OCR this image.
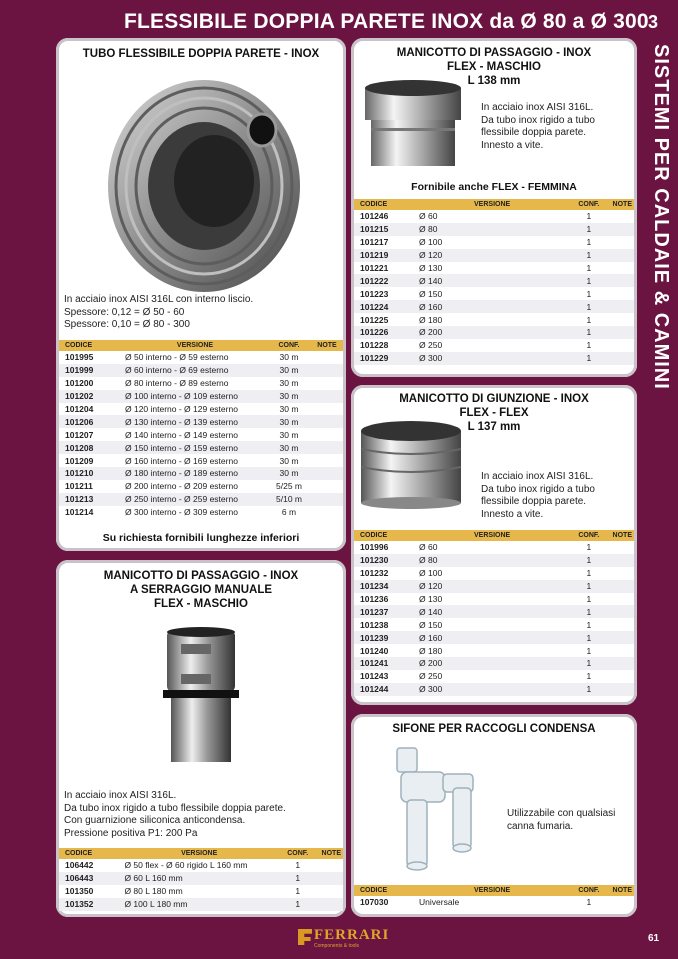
FLESSIBILE DOPPIA PARETE INOX da Ø 80 a Ø 300 3
SISTEMI PER CALDAIE & CAMINI
TUBO FLESSIBILE DOPPIA PARETE - INOX
In acciaio inox AISI 316L con interno liscio.
Spessore: 0,12 = Ø 50 - 60
Spessore: 0,10 = Ø 80 - 300
CODICE	VERSIONE	CONF.	NOTE
101995	Ø 50 interno - Ø 59 esterno	30 m	
101999	Ø 60 interno - Ø 69 esterno	30 m	
101200	Ø 80 interno - Ø 89 esterno	30 m	
101202	Ø 100 interno - Ø 109 esterno	30 m	
101204	Ø 120 interno - Ø 129 esterno	30 m	
101206	Ø 130 interno - Ø 139 esterno	30 m	
101207	Ø 140 interno - Ø 149 esterno	30 m	
101208	Ø 150 interno - Ø 159 esterno	30 m	
101209	Ø 160 interno - Ø 169 esterno	30 m	
101210	Ø 180 interno - Ø 189 esterno	30 m	
101211	Ø 200 interno - Ø 209 esterno	5/25 m	
101213	Ø 250 interno - Ø 259 esterno	5/10 m	
101214	Ø 300 interno - Ø 309 esterno	6 m	
Su richiesta fornibili lunghezze inferiori
MANICOTTO DI PASSAGGIO - INOX
A SERRAGGIO MANUALE
FLEX - MASCHIO
In acciaio inox AISI 316L.
Da tubo inox rigido a tubo flessibile doppia parete.
Con guarnizione siliconica anticondensa.
Pressione positiva P1: 200 Pa
CODICE	VERSIONE	CONF.	NOTE
106442	Ø 50 flex - Ø 60 rigido L 160 mm	1	
106443	Ø 60 L 160 mm	1	
101350	Ø 80 L 180 mm	1	
101352	Ø 100 L 180 mm	1	
MANICOTTO DI PASSAGGIO - INOX
FLEX - MASCHIO
L 138 mm
In acciaio inox AISI 316L.
Da tubo inox rigido a tubo
flessibile doppia parete.
Innesto a vite.
Fornibile anche FLEX - FEMMINA
CODICE	VERSIONE	CONF.	NOTE
101246	Ø 60	1	
101215	Ø 80	1	
101217	Ø 100	1	
101219	Ø 120	1	
101221	Ø 130	1	
101222	Ø 140	1	
101223	Ø 150	1	
101224	Ø 160	1	
101225	Ø 180	1	
101226	Ø 200	1	
101228	Ø 250	1	
101229	Ø 300	1	
MANICOTTO DI GIUNZIONE - INOX
FLEX - FLEX
L 137 mm
In acciaio inox AISI 316L.
Da tubo inox rigido a tubo
flessibile doppia parete.
Innesto a vite.
CODICE	VERSIONE	CONF.	NOTE
101996	Ø 60	1	
101230	Ø 80	1	
101232	Ø 100	1	
101234	Ø 120	1	
101236	Ø 130	1	
101237	Ø 140	1	
101238	Ø 150	1	
101239	Ø 160	1	
101240	Ø 180	1	
101241	Ø 200	1	
101243	Ø 250	1	
101244	Ø 300	1	
SIFONE PER RACCOGLI CONDENSA
Utilizzabile con qualsiasi
canna fumaria.
CODICE	VERSIONE	CONF.	NOTE
107030	Universale	1	
FERRARI
Components & tools
61
